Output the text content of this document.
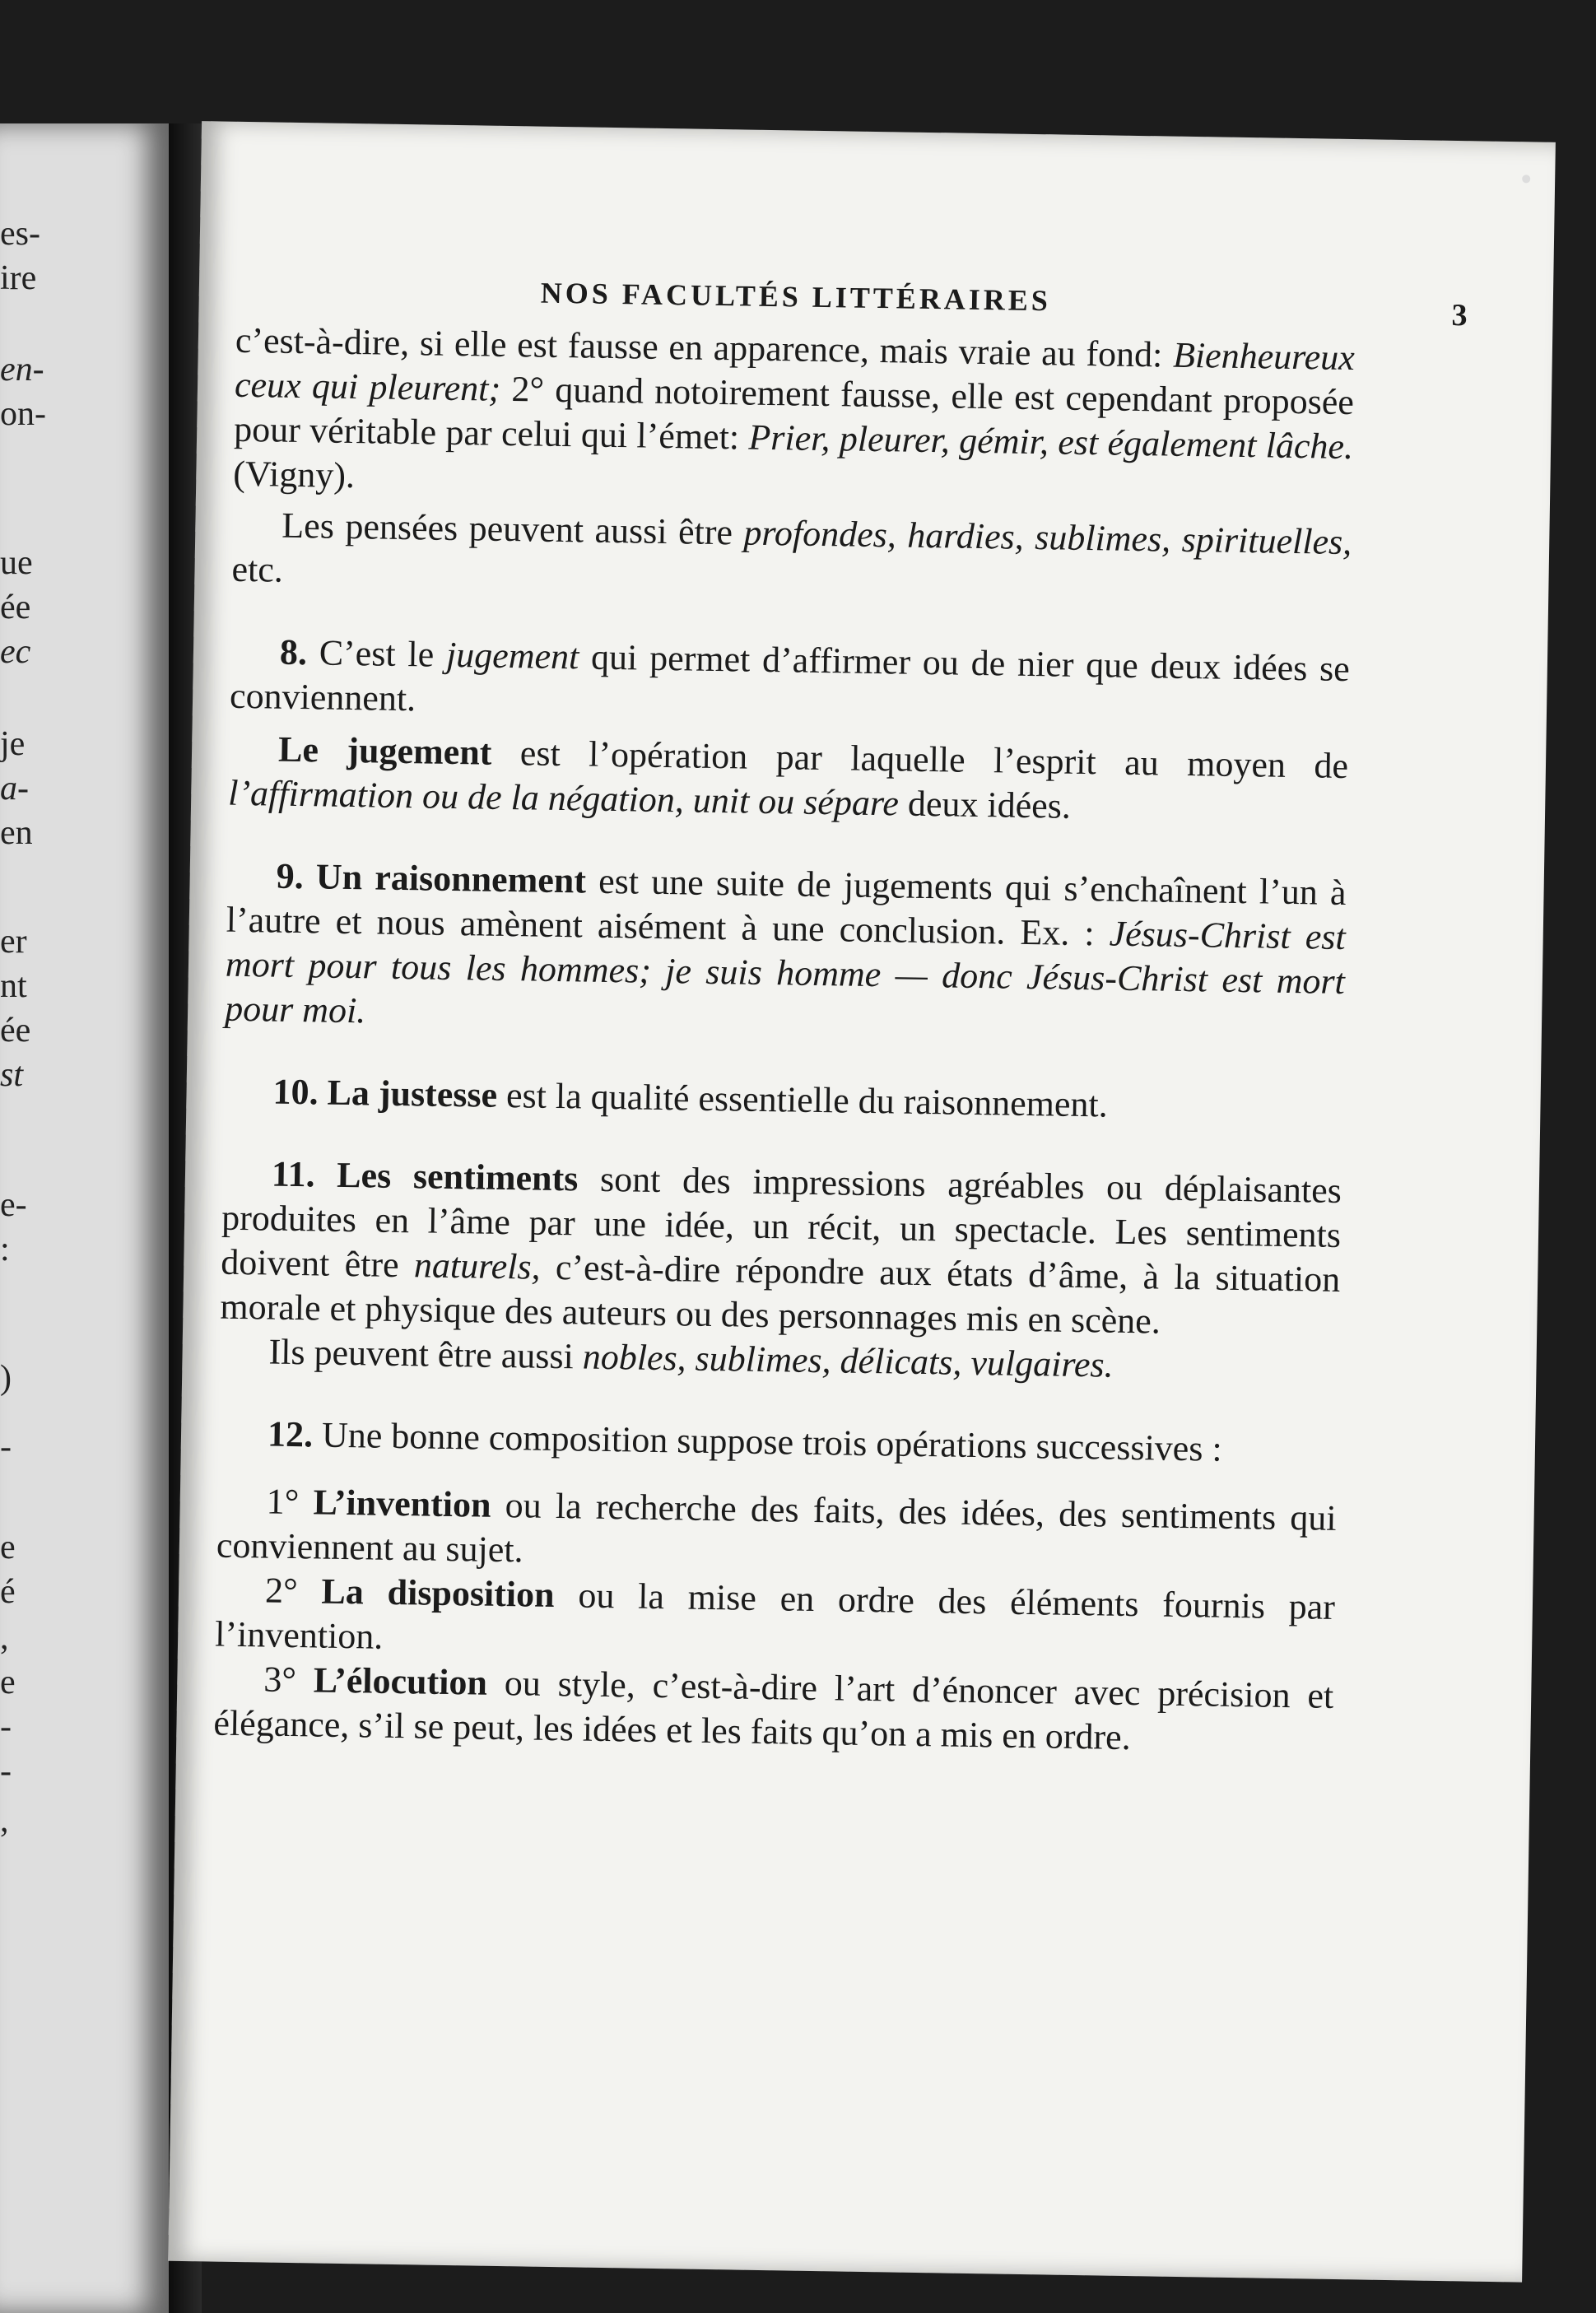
es-
ire
en-
on-
ue
ée
ec
je
a-
en
er
nt
ée
st
e-
:
)
-
e
é
,
e
-
-
,
NOS FACULTÉS LITTÉRAIRES	3

c’est-à-dire, si elle est fausse en apparence, mais vraie au fond: Bienheureux ceux qui pleurent; 2° quand notoirement fausse, elle est cependant proposée pour véritable par celui qui l’émet: Prier, pleurer, gémir, est également lâche. (Vigny).

Les pensées peuvent aussi être profondes, hardies, sublimes, spirituelles, etc.

8. C’est le jugement qui permet d’affirmer ou de nier que deux idées se conviennent.

Le jugement est l’opération par laquelle l’esprit au moyen de l’affirmation ou de la négation, unit ou sépare deux idées.

9. Un raisonnement est une suite de jugements qui s’enchaînent l’un à l’autre et nous amènent aisément à une conclusion. Ex. : Jésus-Christ est mort pour tous les hommes; je suis homme — donc Jésus-Christ est mort pour moi.

10. La justesse est la qualité essentielle du raisonnement.

11. Les sentiments sont des impressions agréables ou déplaisantes produites en l’âme par une idée, un récit, un spectacle. Les sentiments doivent être naturels, c’est-à-dire répondre aux états d’âme, à la situation morale et physique des auteurs ou des personnages mis en scène.

Ils peuvent être aussi nobles, sublimes, délicats, vulgaires.

12. Une bonne composition suppose trois opérations successives :

1° L’invention ou la recherche des faits, des idées, des sentiments qui conviennent au sujet.

2° La disposition ou la mise en ordre des éléments fournis par l’invention.

3° L’élocution ou style, c’est-à-dire l’art d’énoncer avec précision et élégance, s’il se peut, les idées et les faits qu’on a mis en ordre.
